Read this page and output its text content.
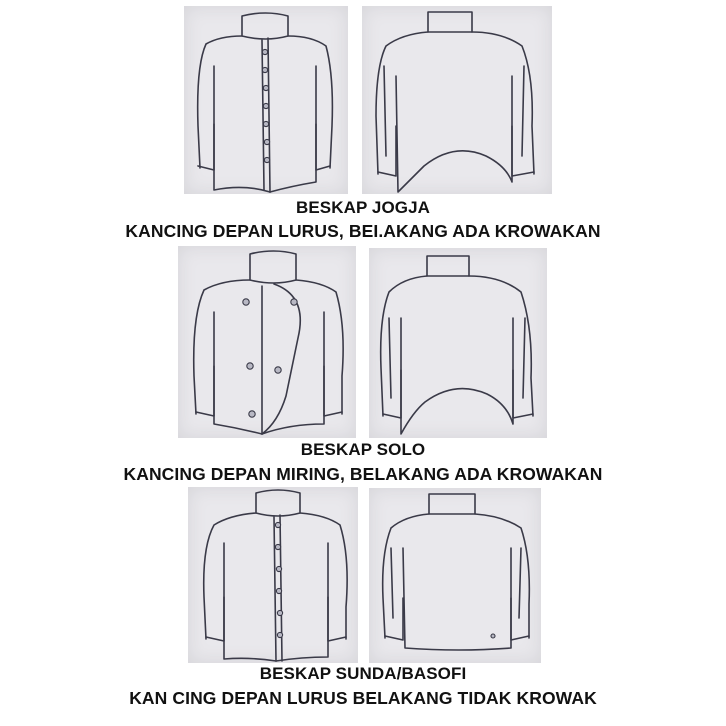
BESKAP JOGJA
KANCING DEPAN LURUS, BEI.AKANG ADA KROWAKAN
BESKAP SOLO
KANCING DEPAN MIRING, BELAKANG ADA KROWAKAN
BESKAP SUNDA/BASOFI
KAN CING DEPAN LURUS BELAKANG TIDAK KROWAK
